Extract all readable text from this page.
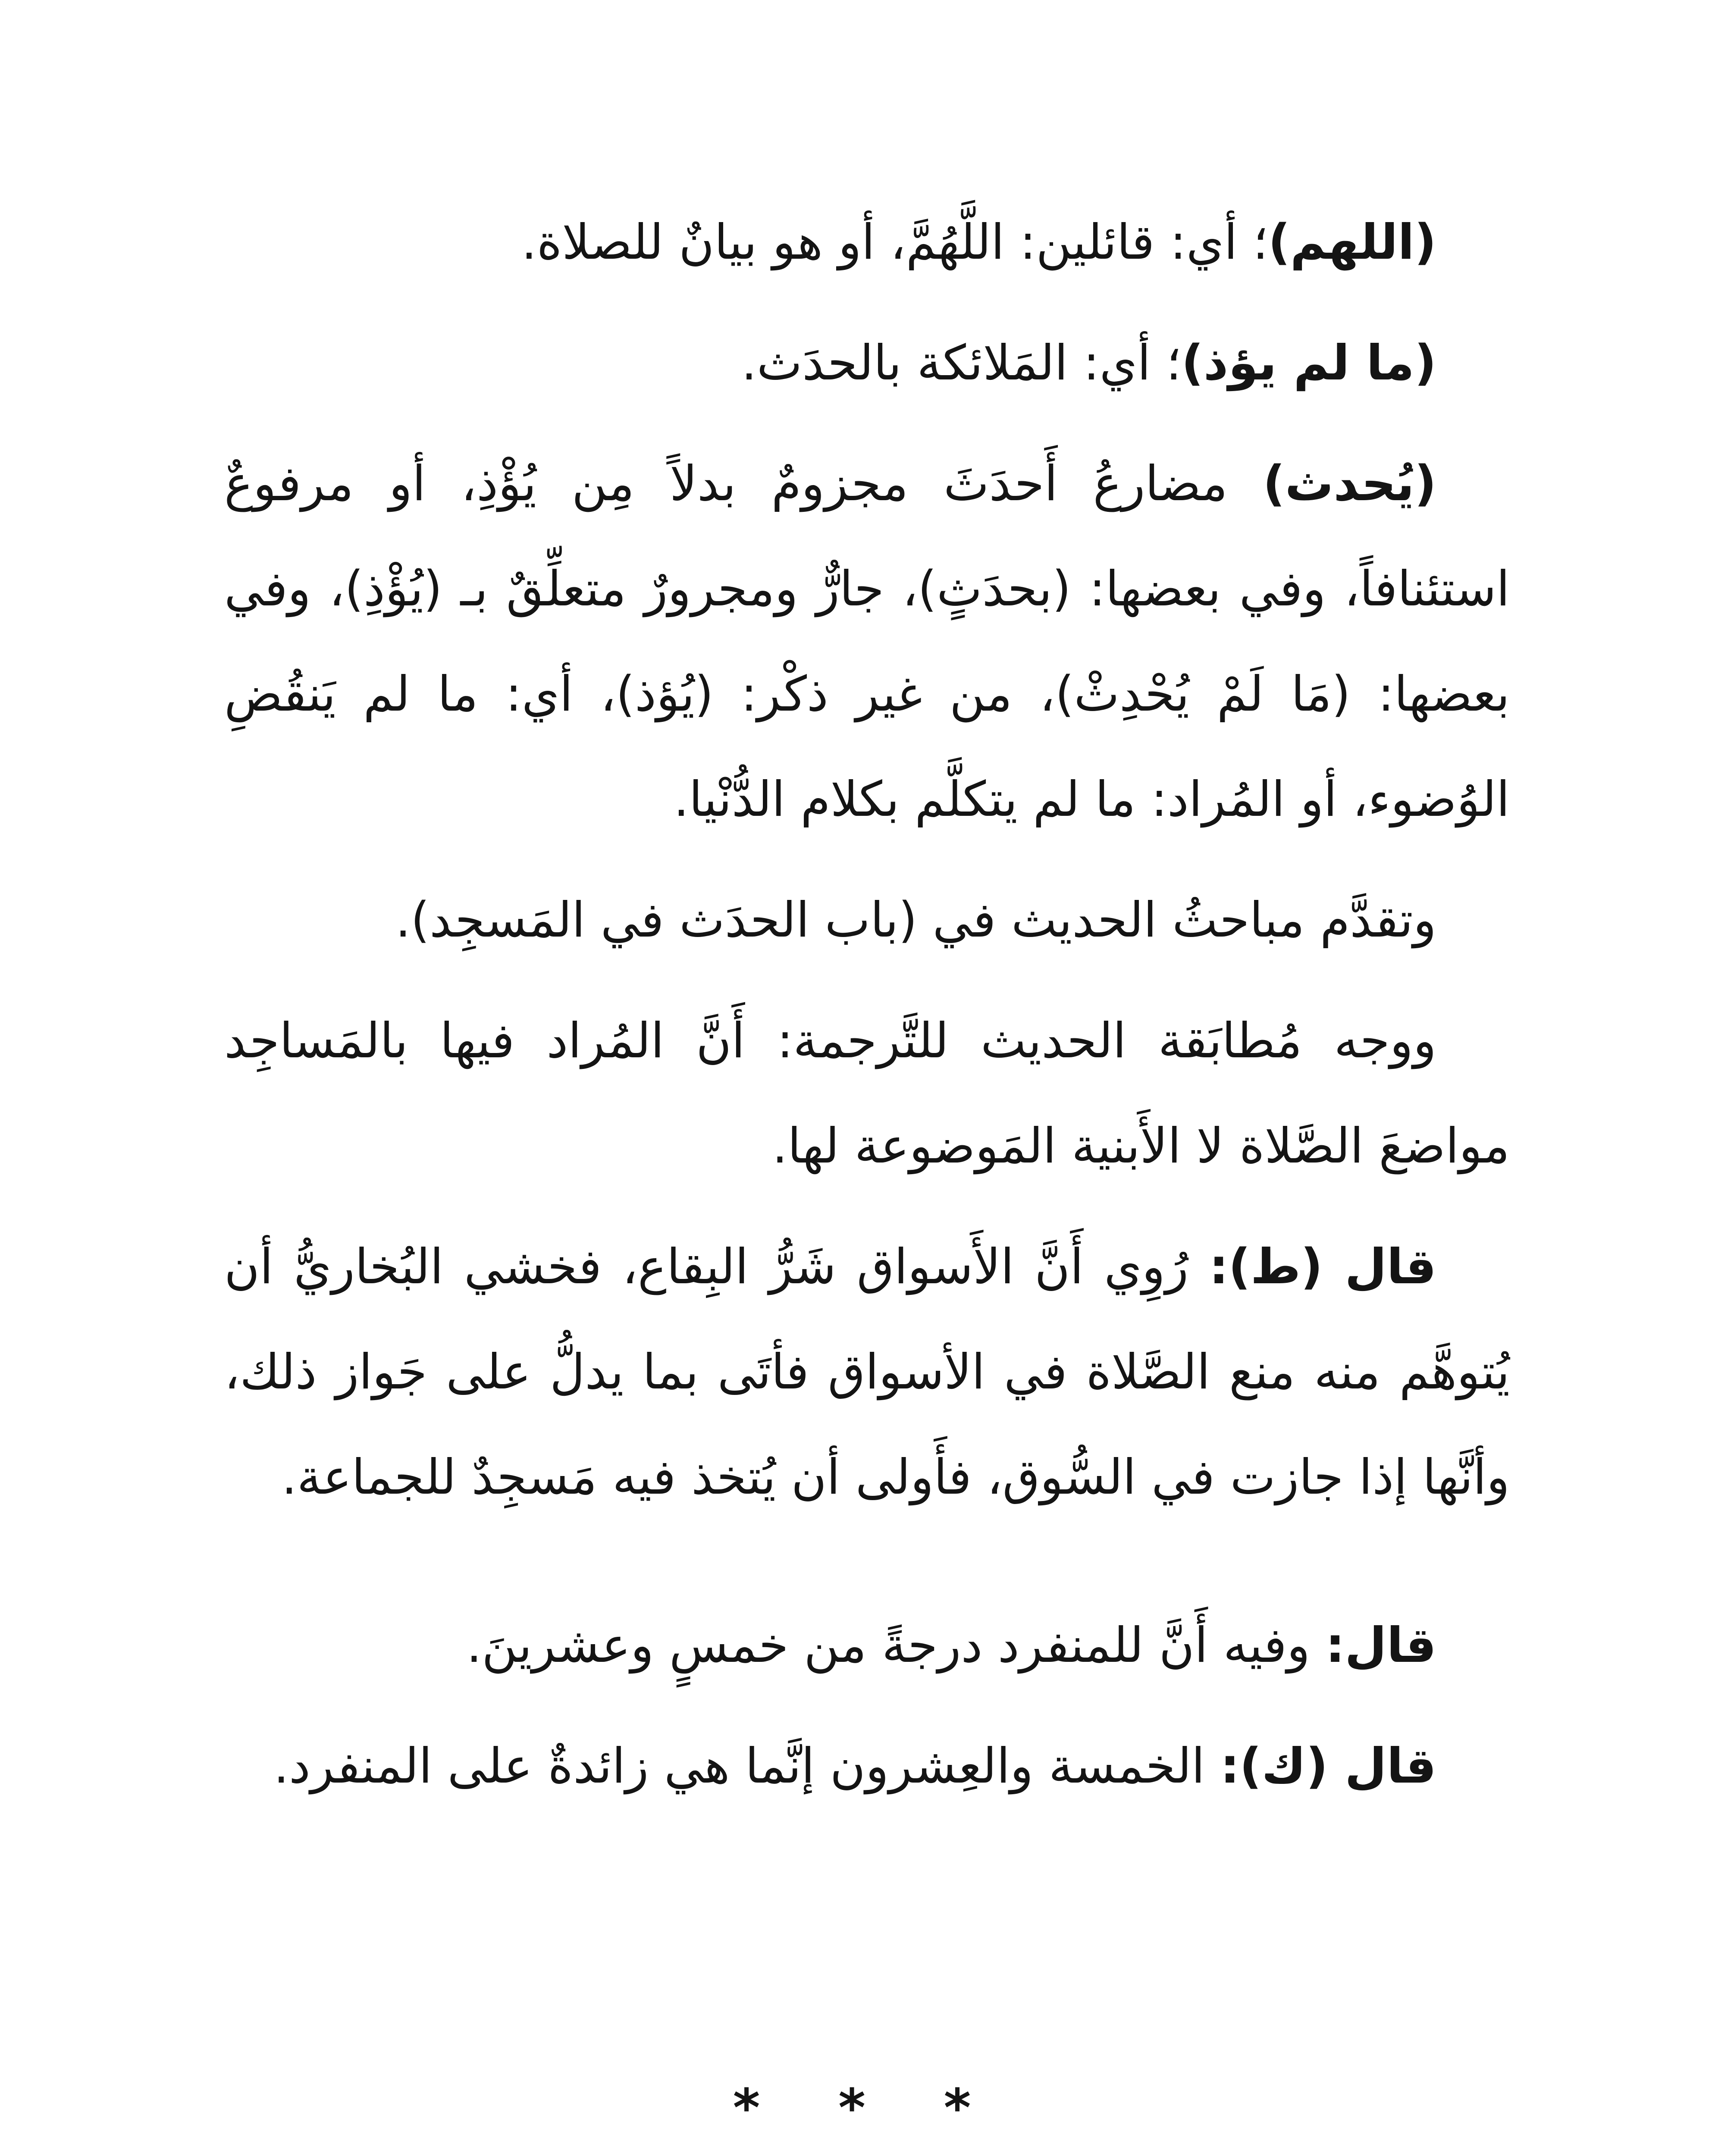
(اللهم)؛ أي: قائلين: اللَّهُمَّ، أو هو بيانٌ للصلاة.

(ما لم يؤذ)؛ أي: المَلائكة بالحدَث.

(يُحدث) مضارعُ أَحدَثَ مجزومٌ بدلاً مِن يُؤْذِ، أو مرفوعٌ استئنافاً، وفي بعضها: (بحدَثٍ)، جارٌّ ومجرورٌ متعلِّقٌ بـ (يُؤْذِ)، وفي بعضها: (مَا لَمْ يُحْدِثْ)، من غير ذكْر: (يُؤذ)، أي: ما لم يَنقُضِ الوُضوء، أو المُراد: ما لم يتكلَّم بكلام الدُّنْيا.

وتقدَّم مباحثُ الحديث في (باب الحدَث في المَسجِد).

ووجه مُطابَقة الحديث للتَّرجمة: أَنَّ المُراد فيها بالمَساجِد مواضعَ الصَّلاة لا الأَبنية المَوضوعة لها.

قال (ط): رُوِي أَنَّ الأَسواق شَرُّ البِقاع، فخشي البُخاريُّ أن يُتوهَّم منه منع الصَّلاة في الأسواق فأتَى بما يدلُّ على جَواز ذلك، وأنَّها إذا جازت في السُّوق، فأَولى أن يُتخذ فيه مَسجِدٌ للجماعة.

قال: وفيه أَنَّ للمنفرد درجةً من خمسٍ وعشرينَ.

قال (ك): الخمسة والعِشرون إنَّما هي زائدةٌ على المنفرد.

* * *
